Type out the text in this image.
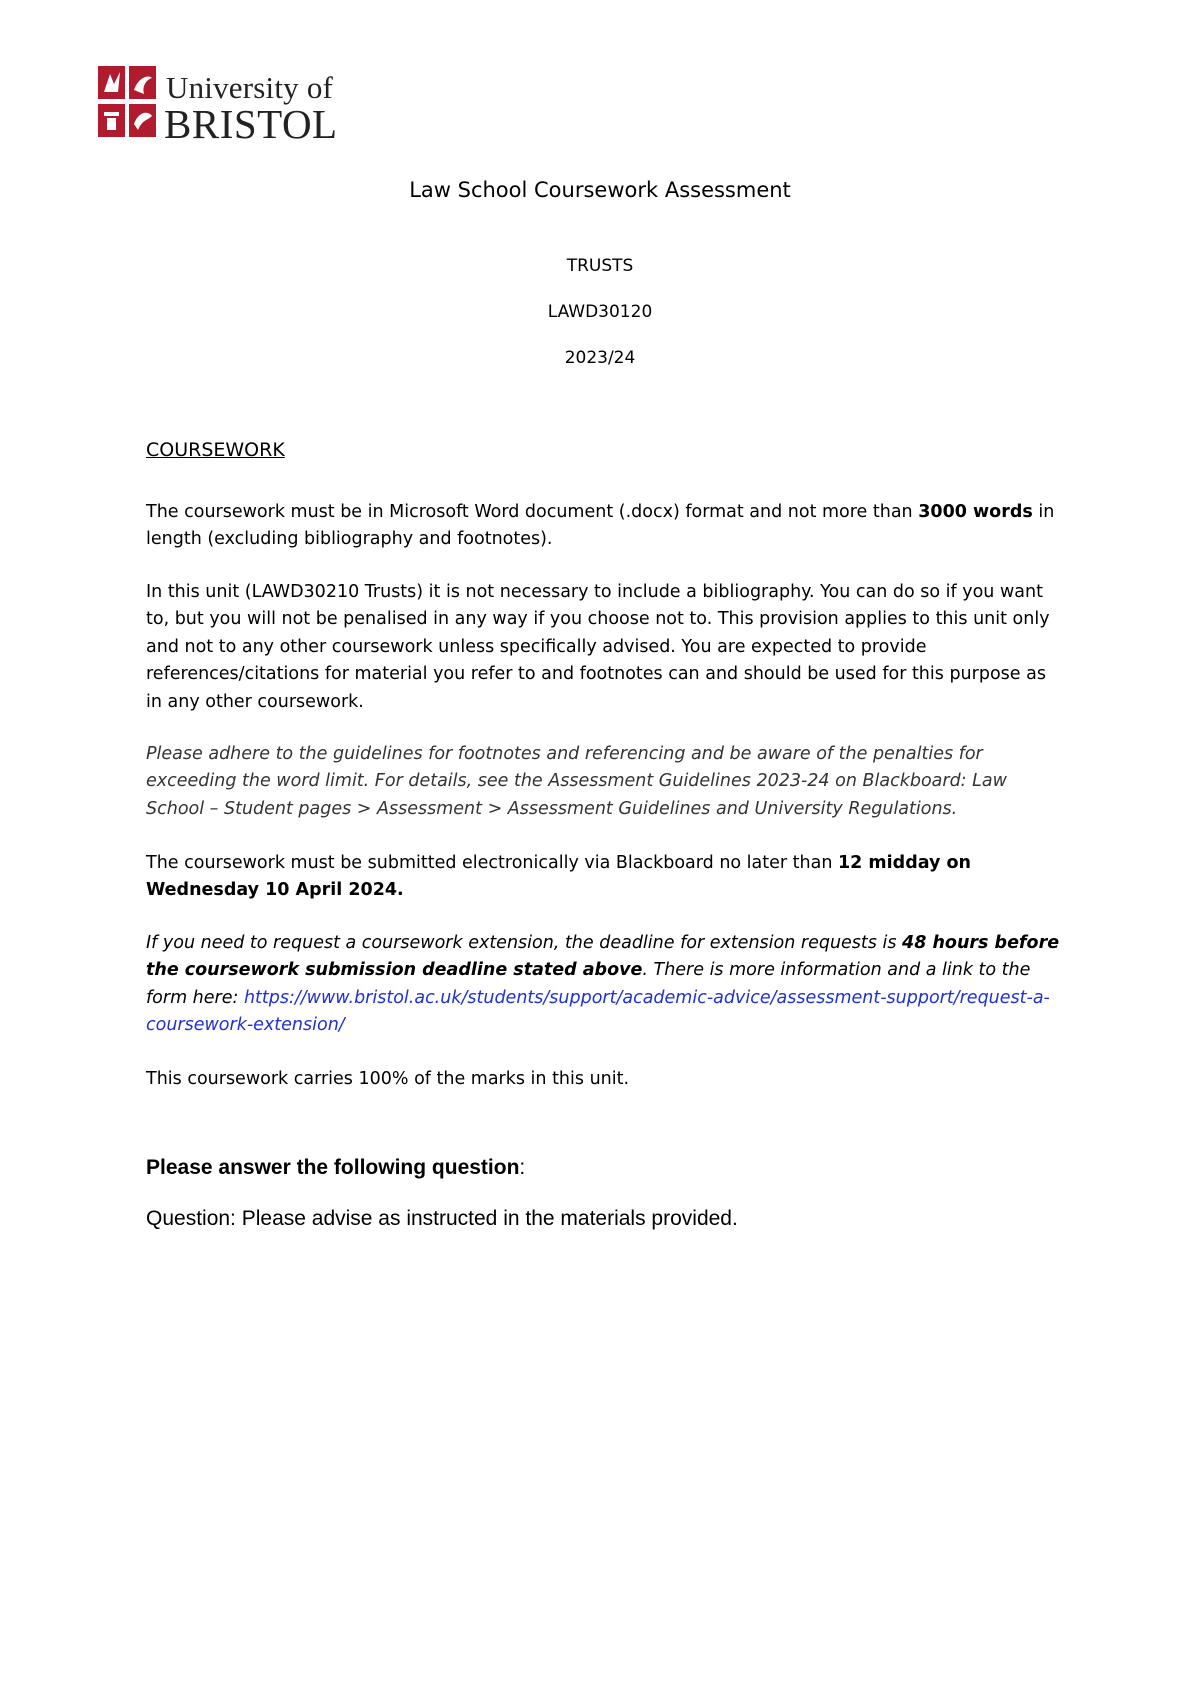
University of
BRISTOL
Law School Coursework Assessment
TRUSTS
LAWD30120
2023/24
COURSEWORK

The coursework must be in Microsoft Word document (.docx) format and not more than 3000 words in length (excluding bibliography and footnotes).

In this unit (LAWD30210 Trusts) it is not necessary to include a bibliography. You can do so if you want to, but you will not be penalised in any way if you choose not to. This provision applies to this unit only and not to any other coursework unless specifically advised. You are expected to provide references/citations for material you refer to and footnotes can and should be used for this purpose as in any other coursework.

Please adhere to the guidelines for footnotes and referencing and be aware of the penalties for exceeding the word limit. For details, see the Assessment Guidelines 2023-24 on Blackboard: Law School – Student pages > Assessment > Assessment Guidelines and University Regulations.

The coursework must be submitted electronically via Blackboard no later than 12 midday on Wednesday 10 April 2024.

If you need to request a coursework extension, the deadline for extension requests is 48 hours before the coursework submission deadline stated above. There is more information and a link to the form here: https://www.bristol.ac.uk/students/support/academic-advice/assessment-support/request-a-coursework-extension/

This coursework carries 100% of the marks in this unit.

Please answer the following question:
Question: Please advise as instructed in the materials provided.
